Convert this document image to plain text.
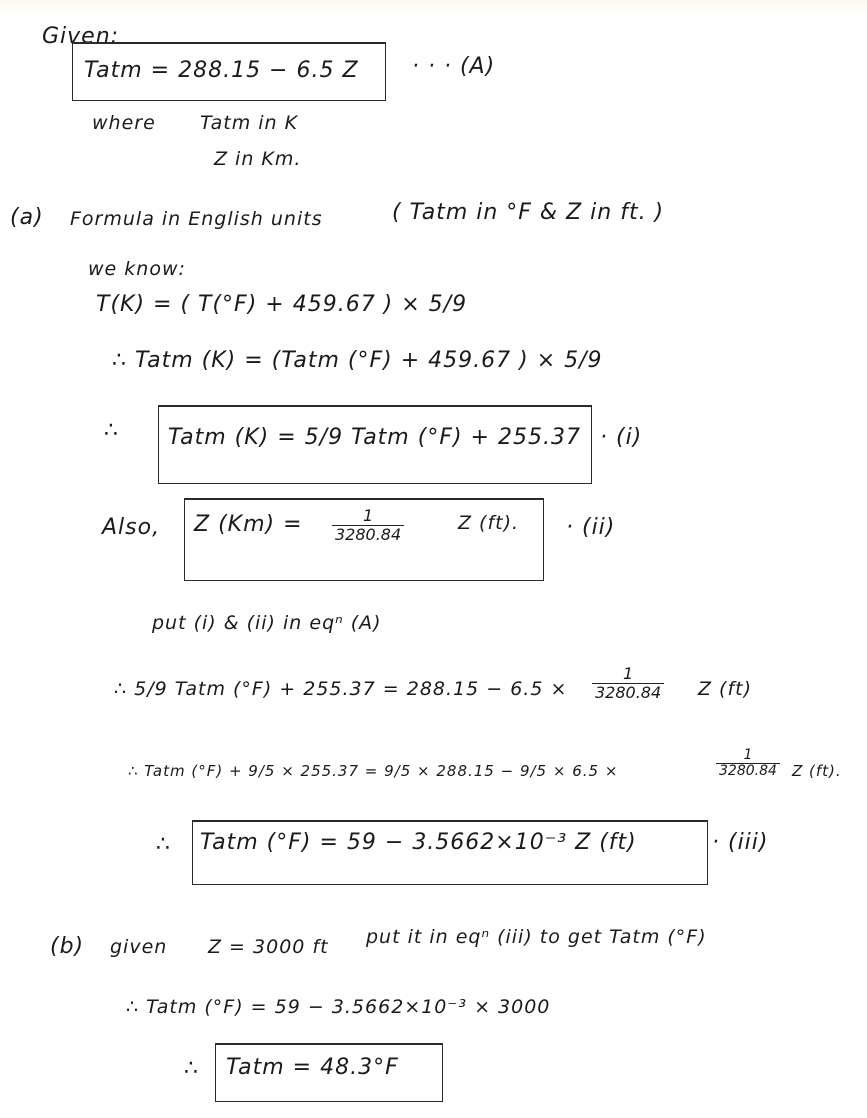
Given:
Tatm = 288.15 − 6.5 Z · · · (A)
where Tatm in K
Z in Km.
(a) Formula in English units	( Tatm in °F & Z in ft. )
we know:
T(K) = ( T(°F) + 459.67 ) × 5/9
∴ Tatm (K) = (Tatm (°F) + 459.67 ) × 5/9
∴ Tatm (K) = 5/9 Tatm (°F) + 255.37 · (i)
Also, Z $(Km) = \frac{1}{3280.84}$	Z (ft). · (ii)
put (i) & (ii) in eqⁿ (A)
∴ 5/9 Tatm $(^\circ F) + 255.37 = 288.15 - 6.5 \times \frac{1}{3280.84}$ Z (ft)
∴ Tatm (°F) + 9/5 × 255.37 = 9/5 × 288.15 − 9/5 × 6.5 ×	$\frac{1}{3280.84}$ Z (ft).
∴ Tatm (°F) = 59 − 3.5662×10⁻³ Z (ft)	· (iii)
(b) given Z = 3000 ft put it in eqⁿ (iii) to get Tatm (°F)
∴ Tatm (°F) = 59 − 3.5662×10⁻³ × 3000
∴ Tatm = 48.3°F
